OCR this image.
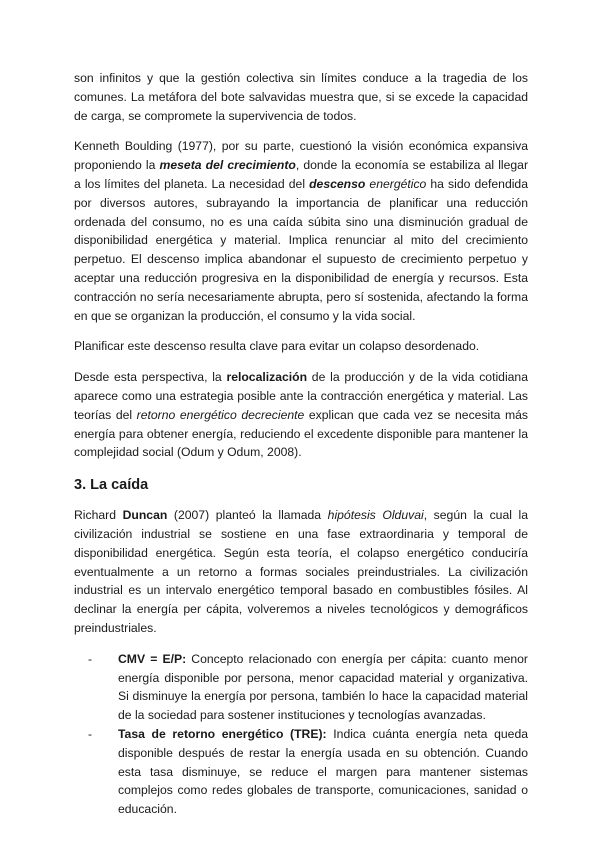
son infinitos y que la gestión colectiva sin límites conduce a la tragedia de los comunes. La metáfora del bote salvavidas muestra que, si se excede la capacidad de carga, se compromete la supervivencia de todos.

Kenneth Boulding (1977), por su parte, cuestionó la visión económica expansiva proponiendo la meseta del crecimiento, donde la economía se estabiliza al llegar a los límites del planeta. La necesidad del descenso energético ha sido defendida por diversos autores, subrayando la importancia de planificar una reducción ordenada del consumo, no es una caída súbita sino una disminución gradual de disponibilidad energética y material. Implica renunciar al mito del crecimiento perpetuo. El descenso implica abandonar el supuesto de crecimiento perpetuo y aceptar una reducción progresiva en la disponibilidad de energía y recursos. Esta contracción no sería necesariamente abrupta, pero sí sostenida, afectando la forma en que se organizan la producción, el consumo y la vida social.

Planificar este descenso resulta clave para evitar un colapso desordenado.

Desde esta perspectiva, la relocalización de la producción y de la vida cotidiana aparece como una estrategia posible ante la contracción energética y material. Las teorías del retorno energético decreciente explican que cada vez se necesita más energía para obtener energía, reduciendo el excedente disponible para mantener la complejidad social (Odum y Odum, 2008).

3. La caída

Richard Duncan (2007) planteó la llamada hipótesis Olduvai, según la cual la civilización industrial se sostiene en una fase extraordinaria y temporal de disponibilidad energética. Según esta teoría, el colapso energético conduciría eventualmente a un retorno a formas sociales preindustriales. La civilización industrial es un intervalo energético temporal basado en combustibles fósiles. Al declinar la energía per cápita, volveremos a niveles tecnológicos y demográficos preindustriales.

- CMV = E/P: Concepto relacionado con energía per cápita: cuanto menor energía disponible por persona, menor capacidad material y organizativa. Si disminuye la energía por persona, también lo hace la capacidad material de la sociedad para sostener instituciones y tecnologías avanzadas.
- Tasa de retorno energético (TRE): Indica cuánta energía neta queda disponible después de restar la energía usada en su obtención. Cuando esta tasa disminuye, se reduce el margen para mantener sistemas complejos como redes globales de transporte, comunicaciones, sanidad o educación.
